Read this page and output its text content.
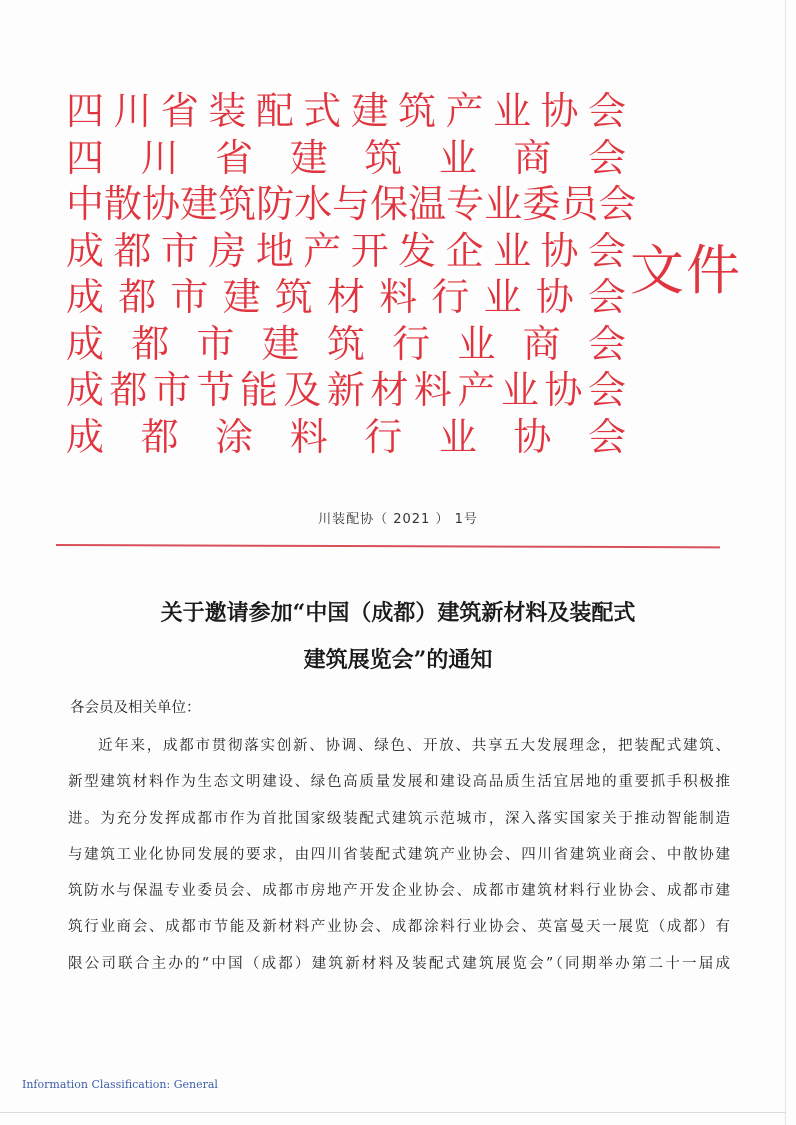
四 川 省 装 配 式 建 筑 产 业 协 会
四 川 省 建 筑 业 商 会
中 散 协 建 筑 防 水 与 保 温 专 业 委 员 会
成 都 市 房 地 产 开 发 企 业 协 会
成 都 市 建 筑 材 料 行 业 协 会
成 都 市 建 筑 行 业 商 会
成 都 市 节 能 及 新 材 料 产 业 协 会
成 都 涂 料 行 业 协 会
文件
川装配协（ 2021 ） 1号
关于邀请参加“中国（成都）建筑新材料及装配式
建筑展览会”的通知
各会员及相关单位：
近年来，成都市贯彻落实创新、协调、绿色、开放、共享五大发展理念，把装配式建筑、
新型建筑材料作为生态文明建设、绿色高质量发展和建设高品质生活宜居地的重要抓手积极推
进。为充分发挥成都市作为首批国家级装配式建筑示范城市，深入落实国家关于推动智能制造
与建筑工业化协同发展的要求，由四川省装配式建筑产业协会、四川省建筑业商会、中散协建
筑防水与保温专业委员会、成都市房地产开发企业协会、成都市建筑材料行业协会、成都市建
筑行业商会、成都市节能及新材料产业协会、成都涂料行业协会、英富曼天一展览（成都）有
限公司联合主办的“中国（成都）建筑新材料及装配式建筑展览会”（同期举办第二十一届成
Information Classification: General
